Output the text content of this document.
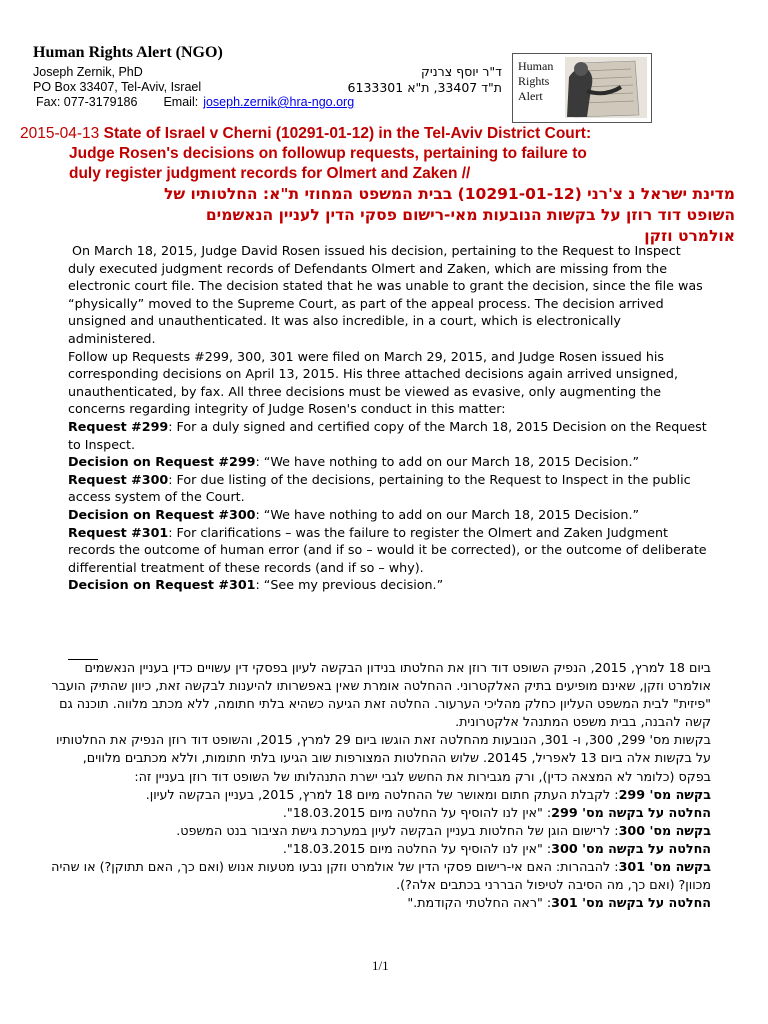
Human Rights Alert (NGO)
Joseph Zernik, PhD
PO Box 33407, Tel-Aviv, Israel
Fax: 077-3179186 Email: joseph.zernik@hra-ngo.org
ד"ר יוסף צרניק
ת"ד 33407, ת"א 6133301
Human
Rights
Alert
2015-04-13 State of Israel v Cherni (10291-01-12) in the Tel-Aviv District Court:
Judge Rosen's decisions on followup requests, pertaining to failure to
duly register judgment records for Olmert and Zaken //
מדינת ישראל נ צ'רני (10291-01-12) בבית המשפט המחוזי ת"א: החלטותיו של
השופט דוד רוזן על בקשות הנובעות מאי-רישום פסקי הדין לעניין הנאשמים
אולמרט וזקן

On March 18, 2015, Judge David Rosen issued his decision, pertaining to the Request to Inspect duly executed judgment records of Defendants Olmert and Zaken, which are missing from the electronic court file. The decision stated that he was unable to grant the decision, since the file was “physically” moved to the Supreme Court, as part of the appeal process. The decision arrived unsigned and unauthenticated. It was also incredible, in a court, which is electronically administered.

Follow up Requests #299, 300, 301 were filed on March 29, 2015, and Judge Rosen issued his corresponding decisions on April 13, 2015. His three attached decisions again arrived unsigned, unauthenticated, by fax. All three decisions must be viewed as evasive, only augmenting the concerns regarding integrity of Judge Rosen's conduct in this matter:

Request #299: For a duly signed and certified copy of the March 18, 2015 Decision on the Request to Inspect.

Decision on Request #299: “We have nothing to add on our March 18, 2015 Decision.”

Request #300: For due listing of the decisions, pertaining to the Request to Inspect in the public access system of the Court.

Decision on Request #300: “We have nothing to add on our March 18, 2015 Decision.”

Request #301: For clarifications – was the failure to register the Olmert and Zaken Judgment records the outcome of human error (and if so – would it be corrected), or the outcome of deliberate differential treatment of these records (and if so – why).

Decision on Request #301: “See my previous decision.”

ביום 18 למרץ, 2015, הנפיק השופט דוד רוזן את החלטתו בנידון הבקשה לעיון בפסקי דין עשויים כדין בעניין הנאשמים אולמרט וזקן, שאינם מופיעים בתיק האלקטרוני. ההחלטה אומרת שאין באפשרותו להיענות לבקשה זאת, כיוון שהתיק הועבר "פיזית" לבית המשפט העליון כחלק מהליכי הערעור. החלטה זאת הגיעה כשהיא בלתי חתומה, ללא מכתב מלווה. תוכנה גם קשה להבנה, בבית משפט המתנהל אלקטרונית.

בקשות מס' 299, 300, ו- 301, הנובעות מהחלטה זאת הוגשו ביום 29 למרץ, 2015, והשופט דוד רוזן הנפיק את החלטותיו על בקשות אלה ביום 13 לאפריל, 20145. שלוש ההחלטות המצורפות שוב הגיעו בלתי חתומות, וללא מכתבים מלווים, בפקס (כלומר לא המצאה כדין), ורק מגבירות את החשש לגבי ישרת התנהלותו של השופט דוד רוזן בעניין זה:

בקשה מס' 299: לקבלת העתק חתום ומאושר של ההחלטה מיום 18 למרץ, 2015, בעניין הבקשה לעיון.

החלטה על בקשה מס' 299: "אין לנו להוסיף על החלטה מיום 18.03.2015".

בקשה מס' 300: לרישום הוגן של החלטות בעניין הבקשה לעיון במערכת גישת הציבור בנט המשפט.

החלטה על בקשה מס' 300: "אין לנו להוסיף על החלטה מיום 18.03.2015".

בקשה מס' 301: להבהרות: האם אי-רישום פסקי הדין של אולמרט וזקן נבעו מטעות אנוש (ואם כך, האם תתוקן?) או שהיה מכוון? (ואם כך, מה הסיבה לטיפול הבררני בכתבים אלה?).

החלטה על בקשה מס' 301: "ראה החלטתי הקודמת."

1/1
